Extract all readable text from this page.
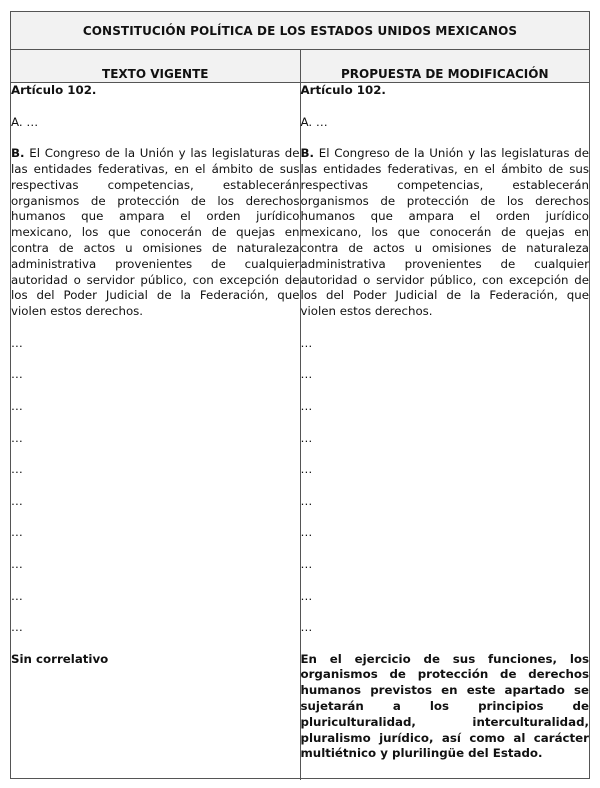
CONSTITUCIÓN POLÍTICA DE LOS ESTADOS UNIDOS MEXICANOS
TEXTO VIGENTE	PROPUESTA DE MODIFICACIÓN

Artículo 102.

A. …

B. El Congreso de la Unión y las legislaturas de las entidades federativas, en el ámbito de sus respectivas competencias, establecerán organismos de protección de los derechos humanos que ampara el orden jurídico mexicano, los que conocerán de quejas en contra de actos u omisiones de naturaleza administrativa provenientes de cualquier autoridad o servidor público, con excepción de los del Poder Judicial de la Federación, que violen estos derechos.

…

…

…

…

…

…

…

…

…

…

Sin correlativo

Artículo 102.

A. …

B. El Congreso de la Unión y las legislaturas de las entidades federativas, en el ámbito de sus respectivas competencias, establecerán organismos de protección de los derechos humanos que ampara el orden jurídico mexicano, los que conocerán de quejas en contra de actos u omisiones de naturaleza administrativa provenientes de cualquier autoridad o servidor público, con excepción de los del Poder Judicial de la Federación, que violen estos derechos.

…

…

…

…

…

…

…

…

…

…

En el ejercicio de sus funciones, los organismos de protección de derechos humanos previstos en este apartado se sujetarán a los principios de pluriculturalidad, interculturalidad, pluralismo jurídico, así como al carácter multiétnico y plurilingüe del Estado.
